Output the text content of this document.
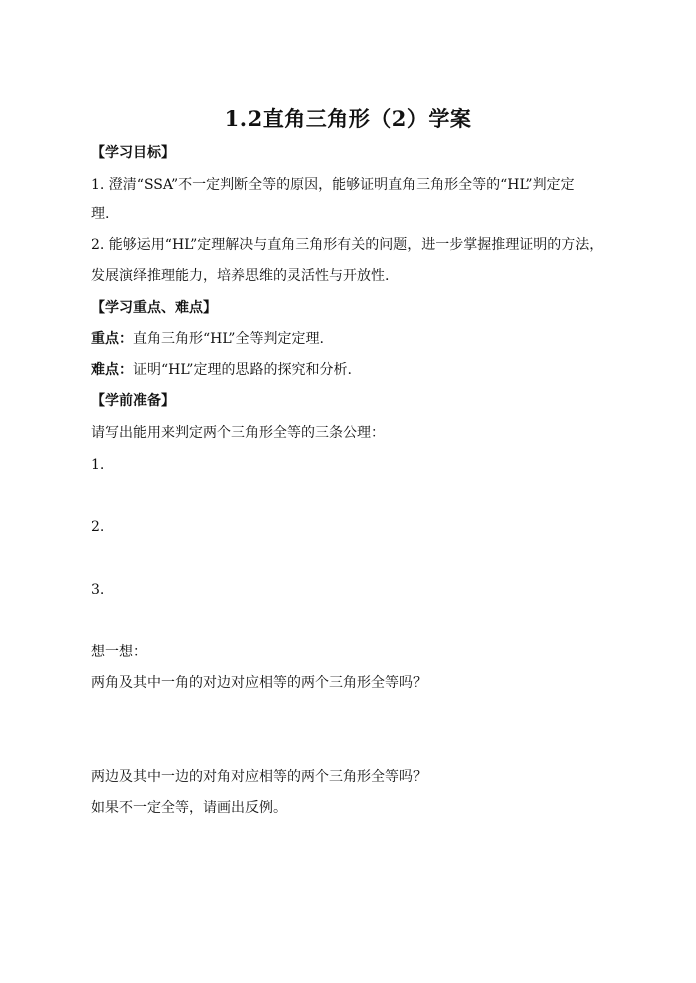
1.2直角三角形（2）学案
【学习目标】
1. 澄清“SSA”不一定判断全等的原因，能够证明直角三角形全等的“HL”判定定
理.
2. 能够运用“HL”定理解决与直角三角形有关的问题，进一步掌握推理证明的方法，
发展演绎推理能力，培养思维的灵活性与开放性.
【学习重点、难点】
重点：直角三角形“HL”全等判定定理.
难点：证明“HL”定理的思路的探究和分析.
【学前准备】
请写出能用来判定两个三角形全等的三条公理：
1.
2.
3.
想一想：
两角及其中一角的对边对应相等的两个三角形全等吗？
两边及其中一边的对角对应相等的两个三角形全等吗？
如果不一定全等，请画出反例。
